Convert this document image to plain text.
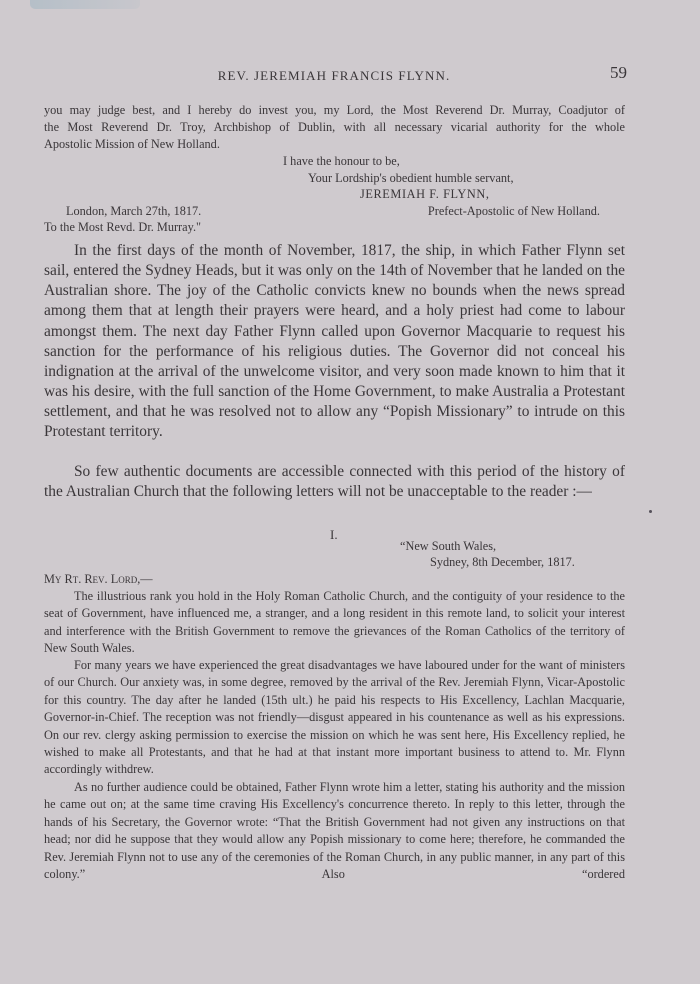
REV. JEREMIAH FRANCIS FLYNN.	59

you may judge best, and I hereby do invest you, my Lord, the Most Reverend Dr. Murray, Coadjutor of

the Most Reverend Dr. Troy, Archbishop of Dublin, with all necessary vicarial authority for the whole

Apostolic Mission of New Holland.

I have the honour to be,

Your Lordship's obedient humble servant,

JEREMIAH F. FLYNN,

London, March 27th, 1817.	Prefect-Apostolic of New Holland.

To the Most Revd. Dr. Murray."

In the first days of the month of November, 1817, the ship, in which Father Flynn set sail, entered the Sydney Heads, but it was only on the 14th of November that he landed on the Australian shore. The joy of the Catholic convicts knew no bounds when the news spread among them that at length their prayers were heard, and a holy priest had come to labour amongst them. The next day Father Flynn called upon Governor Macquarie to request his sanction for the performance of his religious duties. The Governor did not conceal his indignation at the arrival of the unwelcome visitor, and very soon made known to him that it was his desire, with the full sanction of the Home Government, to make Australia a Protestant settlement, and that he was resolved not to allow any “Popish Missionary” to intrude on this Protestant territory.

So few authentic documents are accessible connected with this period of the history of the Australian Church that the following letters will not be unacceptable to the reader :—

I.

“New South Wales,

Sydney, 8th December, 1817.

My Rt. Rev. Lord,—

The illustrious rank you hold in the Holy Roman Catholic Church, and the contiguity of your residence to the seat of Government, have influenced me, a stranger, and a long resident in this remote land, to solicit your interest and interference with the British Government to remove the grievances of the Roman Catholics of the territory of New South Wales.

For many years we have experienced the great disadvantages we have laboured under for the want of ministers of our Church. Our anxiety was, in some degree, removed by the arrival of the Rev. Jeremiah Flynn, Vicar-Apostolic for this country. The day after he landed (15th ult.) he paid his respects to His Excellency, Lachlan Macquarie, Governor-in-Chief. The reception was not friendly—disgust appeared in his countenance as well as his expressions. On our rev. clergy asking permission to exercise the mission on which he was sent here, His Excellency replied, he wished to make all Protestants, and that he had at that instant more important business to attend to. Mr. Flynn accordingly withdrew.

As no further audience could be obtained, Father Flynn wrote him a letter, stating his authority and the mission he came out on; at the same time craving His Excellency's concurrence thereto. In reply to this letter, through the hands of his Secretary, the Governor wrote: “That the British Government had not given any instructions on that head; nor did he suppose that they would allow any Popish missionary to come here; therefore, he commanded the Rev. Jeremiah Flynn not to use any of the ceremonies of the Roman Church, in any public manner, in any part of this colony.” Also “ordered
